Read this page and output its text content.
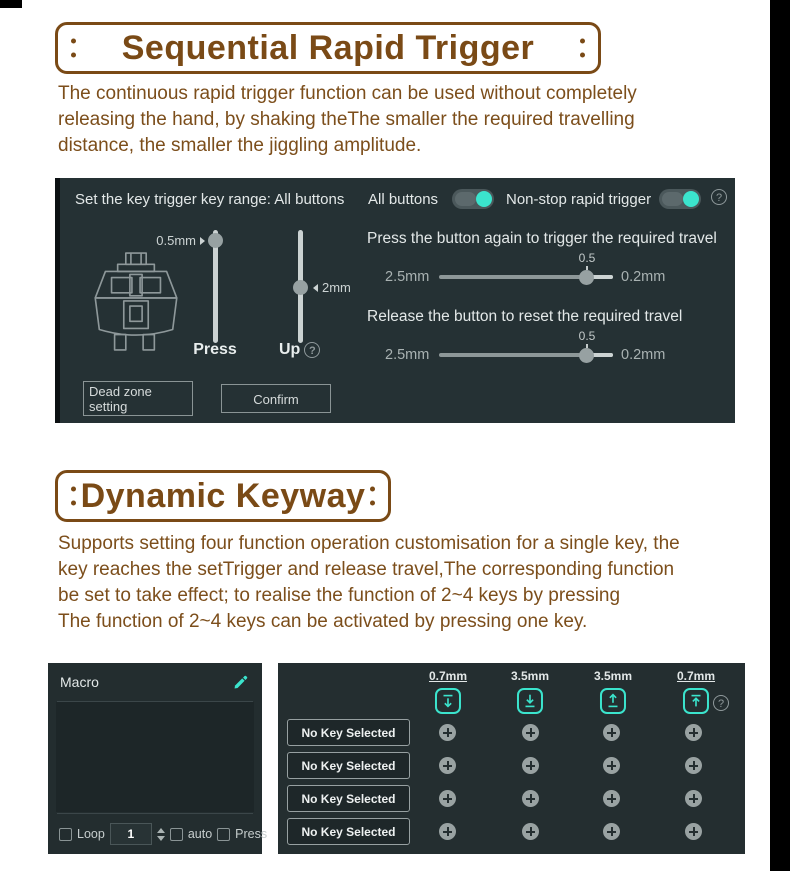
Sequential Rapid Trigger
The continuous rapid trigger function can be used without completely
releasing the hand, by shaking theThe smaller the required travelling
distance, the smaller the jiggling amplitude.
Set the key trigger key range: All buttons All buttons	Non-stop rapid trigger
?
0.5mm
Press
2mm
Up
?
Press the button again to trigger the required travel
0.5
2.5mm	0.2mm
Release the button to reset the required travel
0.5
2.5mm	0.2mm
Dead zone setting	Confirm
Dynamic Keyway
Supports setting four function operation customisation for a single key, the
key reaches the setTrigger and release travel,The corresponding function
be set to take effect; to realise the function of 2~4 keys by pressing
The function of 2~4 keys can be activated by pressing one key.
Macro
Loop	1	auto Press
0.7mm	3.5mm	3.5mm	0.7mm
?
No Key Selected
No Key Selected
No Key Selected
No Key Selected
